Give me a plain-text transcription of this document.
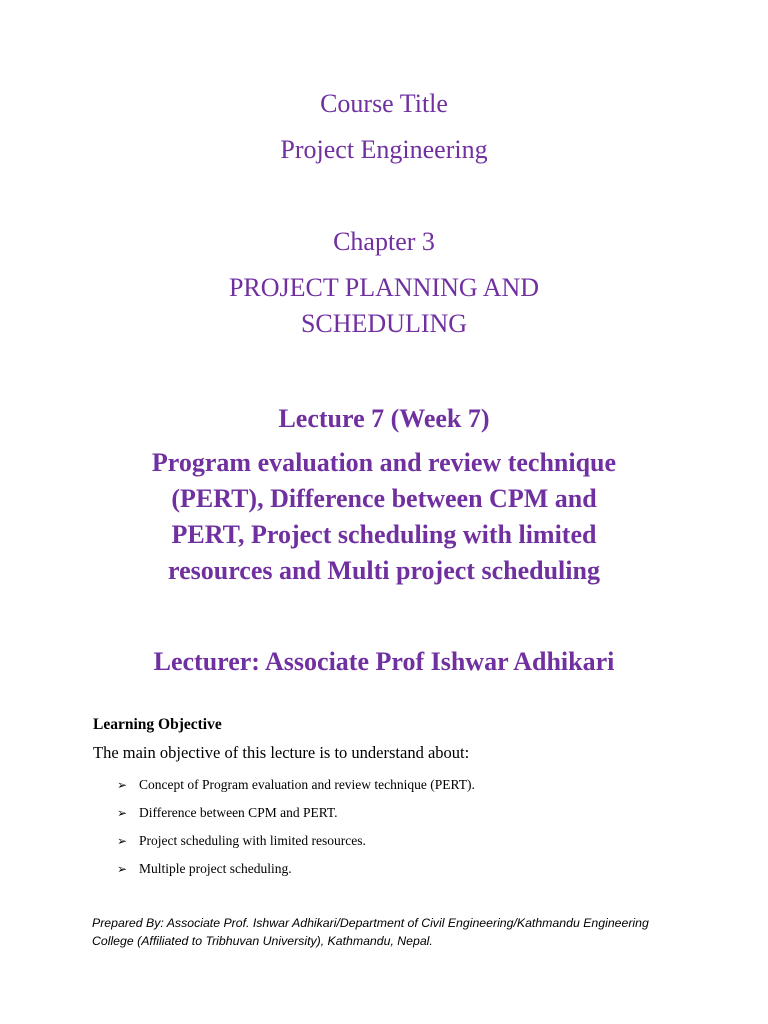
Course Title
Project Engineering
Chapter 3
PROJECT PLANNING AND
SCHEDULING
Lecture 7 (Week 7)
Program evaluation and review technique
(PERT), Difference between CPM and
PERT, Project scheduling with limited
resources and Multi project scheduling
Lecturer: Associate Prof Ishwar Adhikari
Learning Objective

The main objective of this lecture is to understand about:

➢ Concept of Program evaluation and review technique (PERT).
➢ Difference between CPM and PERT.
➢ Project scheduling with limited resources.
➢ Multiple project scheduling.

Prepared By: Associate Prof. Ishwar Adhikari/Department of Civil Engineering/Kathmandu Engineering
College (Affiliated to Tribhuvan University), Kathmandu, Nepal.
